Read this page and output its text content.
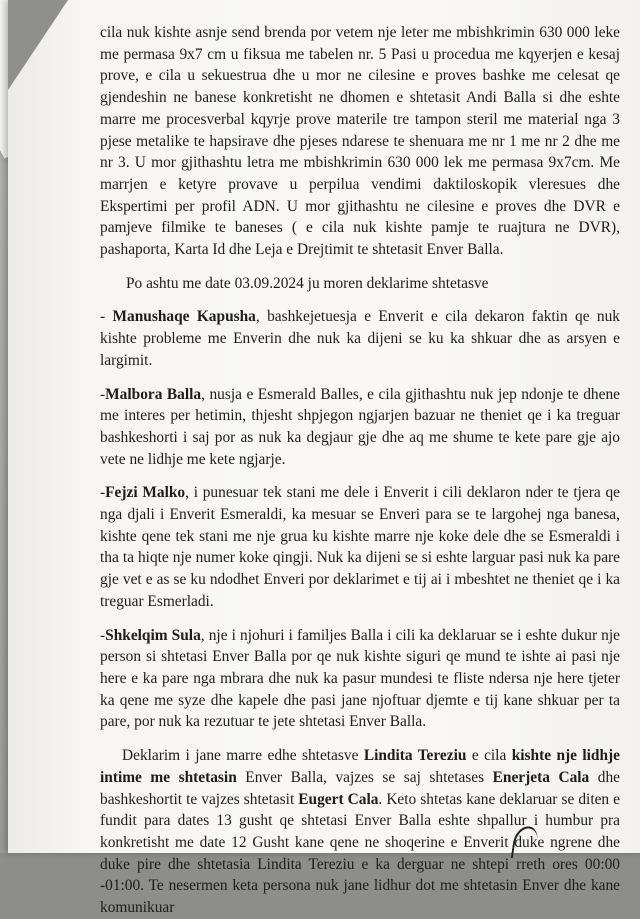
cila nuk kishte asnje send brenda por vetem nje leter me mbishkrimin 630 000 leke me permasa 9x7 cm u fiksua me tabelen nr. 5 Pasi u procedua me kqyerjen e kesaj prove, e cila u sekuestrua dhe u mor ne cilesine e proves bashke me celesat qe gjendeshin ne banese konkretisht ne dhomen e shtetasit Andi Balla si dhe eshte marre me procesverbal kqyrje prove materile tre tampon steril me material nga 3 pjese metalike te hapsirave dhe pjeses ndarese te shenuara me nr 1 me nr 2 dhe me nr 3. U mor gjithashtu letra me mbishkrimin 630 000 lek me permasa 9x7cm. Me marrjen e ketyre provave u perpilua vendimi daktiloskopik vleresues dhe Ekspertimi per profil ADN. U mor gjithashtu ne cilesine e proves dhe DVR e pamjeve filmike te baneses ( e cila nuk kishte pamje te ruajtura ne DVR), pashaporta, Karta Id dhe Leja e Drejtimit te shtetasit Enver Balla.

Po ashtu me date 03.09.2024 ju moren deklarime shtetasve

- Manushaqe Kapusha, bashkejetuesja e Enverit e cila dekaron faktin qe nuk kishte probleme me Enverin dhe nuk ka dijeni se ku ka shkuar dhe as arsyen e largimit.

-Malbora Balla, nusja e Esmerald Balles, e cila gjithashtu nuk jep ndonje te dhene me interes per hetimin, thjesht shpjegon ngjarjen bazuar ne theniet qe i ka treguar bashkeshorti i saj por as nuk ka degjaur gje dhe aq me shume te kete pare gje ajo vete ne lidhje me kete ngjarje.

-Fejzi Malko, i punesuar tek stani me dele i Enverit i cili deklaron nder te tjera qe nga djali i Enverit Esmeraldi, ka mesuar se Enveri para se te largohej nga banesa, kishte qene tek stani me nje grua ku kishte marre nje koke dele dhe se Esmeraldi i tha ta hiqte nje numer koke qingji. Nuk ka dijeni se si eshte larguar pasi nuk ka pare gje vet e as se ku ndodhet Enveri por deklarimet e tij ai i mbeshtet ne theniet qe i ka treguar Esmerladi.

-Shkelqim Sula, nje i njohuri i familjes Balla i cili ka deklaruar se i eshte dukur nje person si shtetasi Enver Balla por qe nuk kishte siguri qe mund te ishte ai pasi nje here e ka pare nga mbrara dhe nuk ka pasur mundesi te fliste ndersa nje here tjeter ka qene me syze dhe kapele dhe pasi jane njoftuar djemte e tij kane shkuar per ta pare, por nuk ka rezutuar te jete shtetasi Enver Balla.

Deklarim i jane marre edhe shtetasve Lindita Tereziu e cila kishte nje lidhje intime me shtetasin Enver Balla, vajzes se saj shtetases Enerjeta Cala dhe bashkeshortit te vajzes shtetasit Eugert Cala. Keto shtetas kane deklaruar se diten e fundit para dates 13 gusht qe shtetasi Enver Balla eshte shpallur i humbur pra konkretisht me date 12 Gusht kane qene ne shoqerine e Enverit duke ngrene dhe duke pire dhe shtetasia Lindita Tereziu e ka derguar ne shtepi rreth ores 00:00 -01:00. Te nesermen keta persona nuk jane lidhur dot me shtetasin Enver dhe kane komunikuar
